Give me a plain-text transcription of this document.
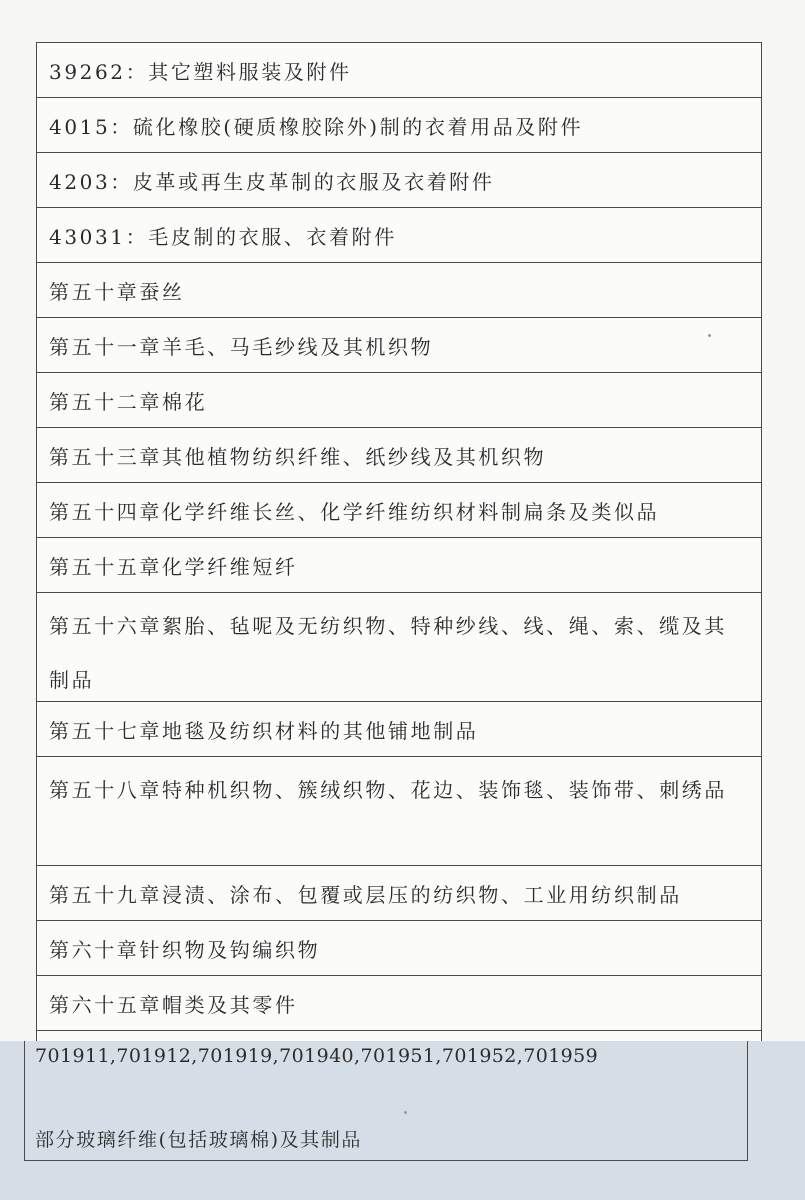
39262：其它塑料服装及附件
4015：硫化橡胶(硬质橡胶除外)制的衣着用品及附件
4203：皮革或再生皮革制的衣服及衣着附件
43031：毛皮制的衣服、衣着附件
第五十章蚕丝
第五十一章羊毛、马毛纱线及其机织物
第五十二章棉花
第五十三章其他植物纺织纤维、纸纱线及其机织物
第五十四章化学纤维长丝、化学纤维纺织材料制扁条及类似品
第五十五章化学纤维短纤
第五十六章絮胎、毡呢及无纺织物、特种纱线、线、绳、索、缆及其制品
第五十七章地毯及纺织材料的其他铺地制品
第五十八章特种机织物、簇绒织物、花边、装饰毯、装饰带、刺绣品
第五十九章浸渍、涂布、包覆或层压的纺织物、工业用纺织制品
第六十章针织物及钩编织物
第六十五章帽类及其零件
701911,701912,701919,701940,701951,701952,701959
部分玻璃纤维(包括玻璃棉)及其制品
